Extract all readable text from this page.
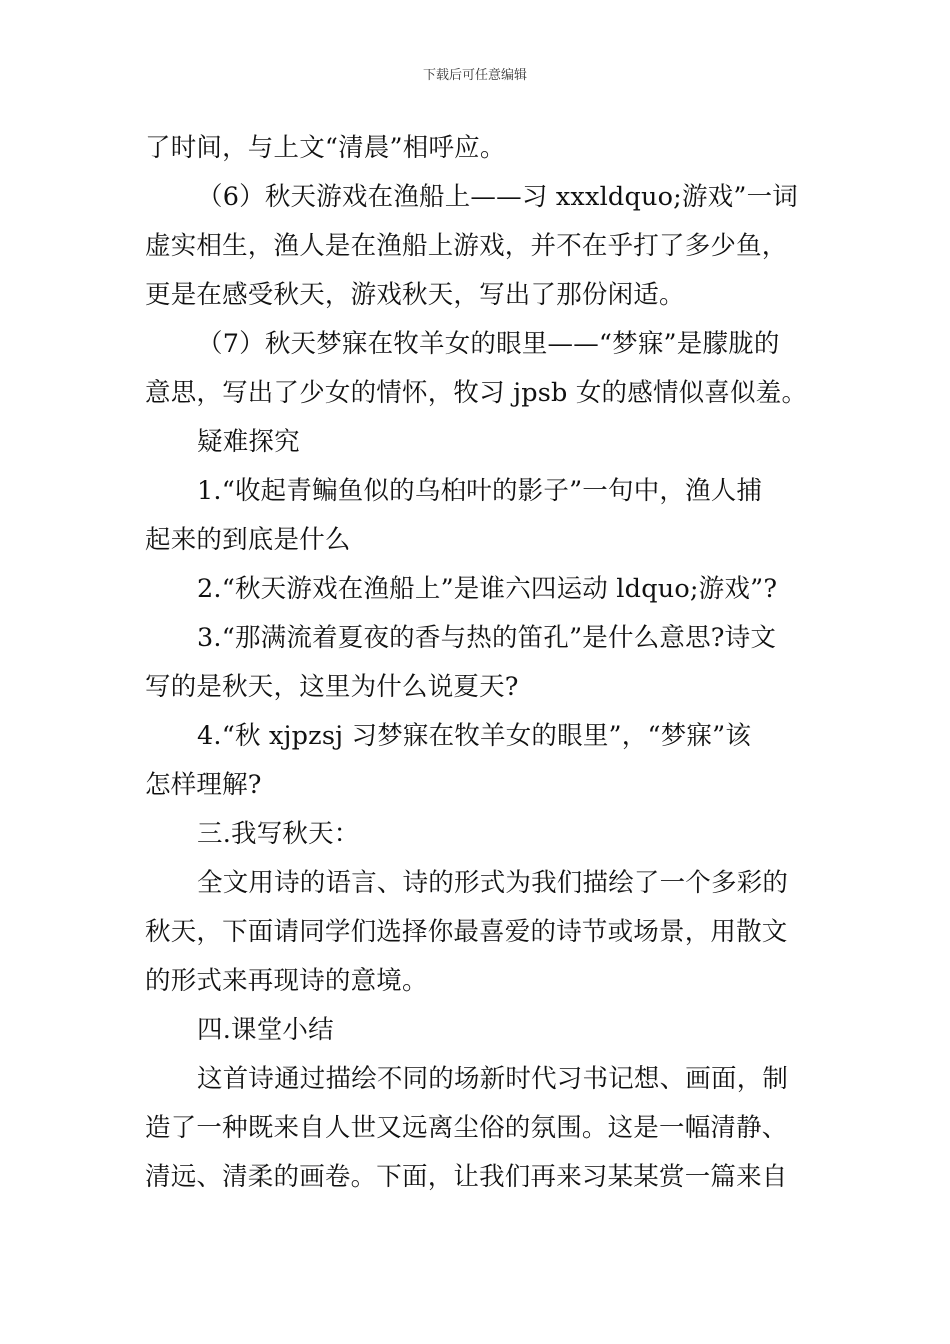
下载后可任意编辑

了时间，与上文“清晨”相呼应。

（6）秋天游戏在渔船上——习 xxxldquo;游戏”一词

虚实相生，渔人是在渔船上游戏，并不在乎打了多少鱼，

更是在感受秋天，游戏秋天，写出了那份闲适。

（7）秋天梦寐在牧羊女的眼里——“梦寐”是朦胧的

意思，写出了少女的情怀，牧习 jpsb 女的感情似喜似羞。

疑难探究

1.“收起青鳊鱼似的乌桕叶的影子”一句中，渔人捕

起来的到底是什么

2.“秋天游戏在渔船上”是谁六四运动 ldquo;游戏”?

3.“那满流着夏夜的香与热的笛孔”是什么意思?诗文

写的是秋天，这里为什么说夏天?

4.“秋 xjpzsj 习梦寐在牧羊女的眼里”，“梦寐”该

怎样理解?

三.我写秋天：

全文用诗的语言、诗的形式为我们描绘了一个多彩的

秋天，下面请同学们选择你最喜爱的诗节或场景，用散文

的形式来再现诗的意境。

四.课堂小结

这首诗通过描绘不同的场新时代习书记想、画面，制

造了一种既来自人世又远离尘俗的氛围。这是一幅清静、

清远、清柔的画卷。下面，让我们再来习某某赏一篇来自
